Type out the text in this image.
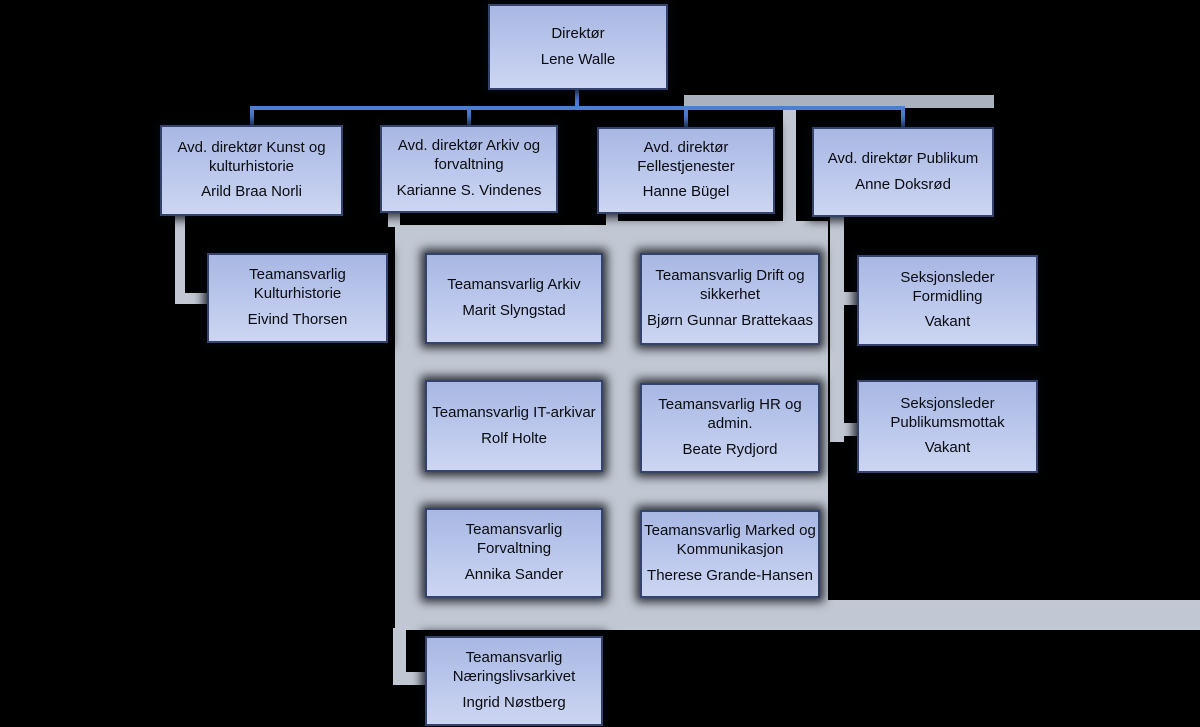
Direktør
Lene Walle
Avd. direktør Kunst og kulturhistorie
Arild Braa Norli
Avd. direktør Arkiv og forvaltning
Karianne S. Vindenes
Avd. direktør Fellestjenester
Hanne Bügel
Avd. direktør Publikum
Anne Doksrød
Teamansvarlig Kulturhistorie
Eivind Thorsen
Teamansvarlig Arkiv
Marit Slyngstad
Teamansvarlig Drift og sikkerhet
Bjørn Gunnar Brattekaas
Seksjonsleder
Formidling
Vakant
Teamansvarlig IT-arkivar
Rolf Holte
Teamansvarlig HR og admin.
Beate Rydjord
Seksjonsleder
Publikumsmottak
Vakant
Teamansvarlig Forvaltning
Annika Sander
Teamansvarlig Marked og Kommunikasjon
Therese Grande-Hansen
Teamansvarlig Næringslivsarkivet
Ingrid Nøstberg
